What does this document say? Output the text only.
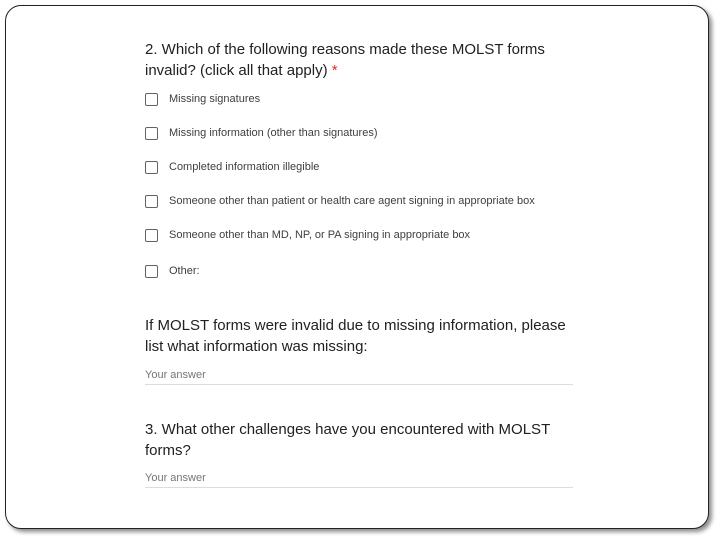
2. Which of the following reasons made these MOLST forms invalid? (click all that apply) *
Missing signatures
Missing information (other than signatures)
Completed information illegible
Someone other than patient or health care agent signing in appropriate box
Someone other than MD, NP, or PA signing in appropriate box
Other:
If MOLST forms were invalid due to missing information, please list what information was missing:
Your answer
3. What other challenges have you encountered with MOLST forms?
Your answer
